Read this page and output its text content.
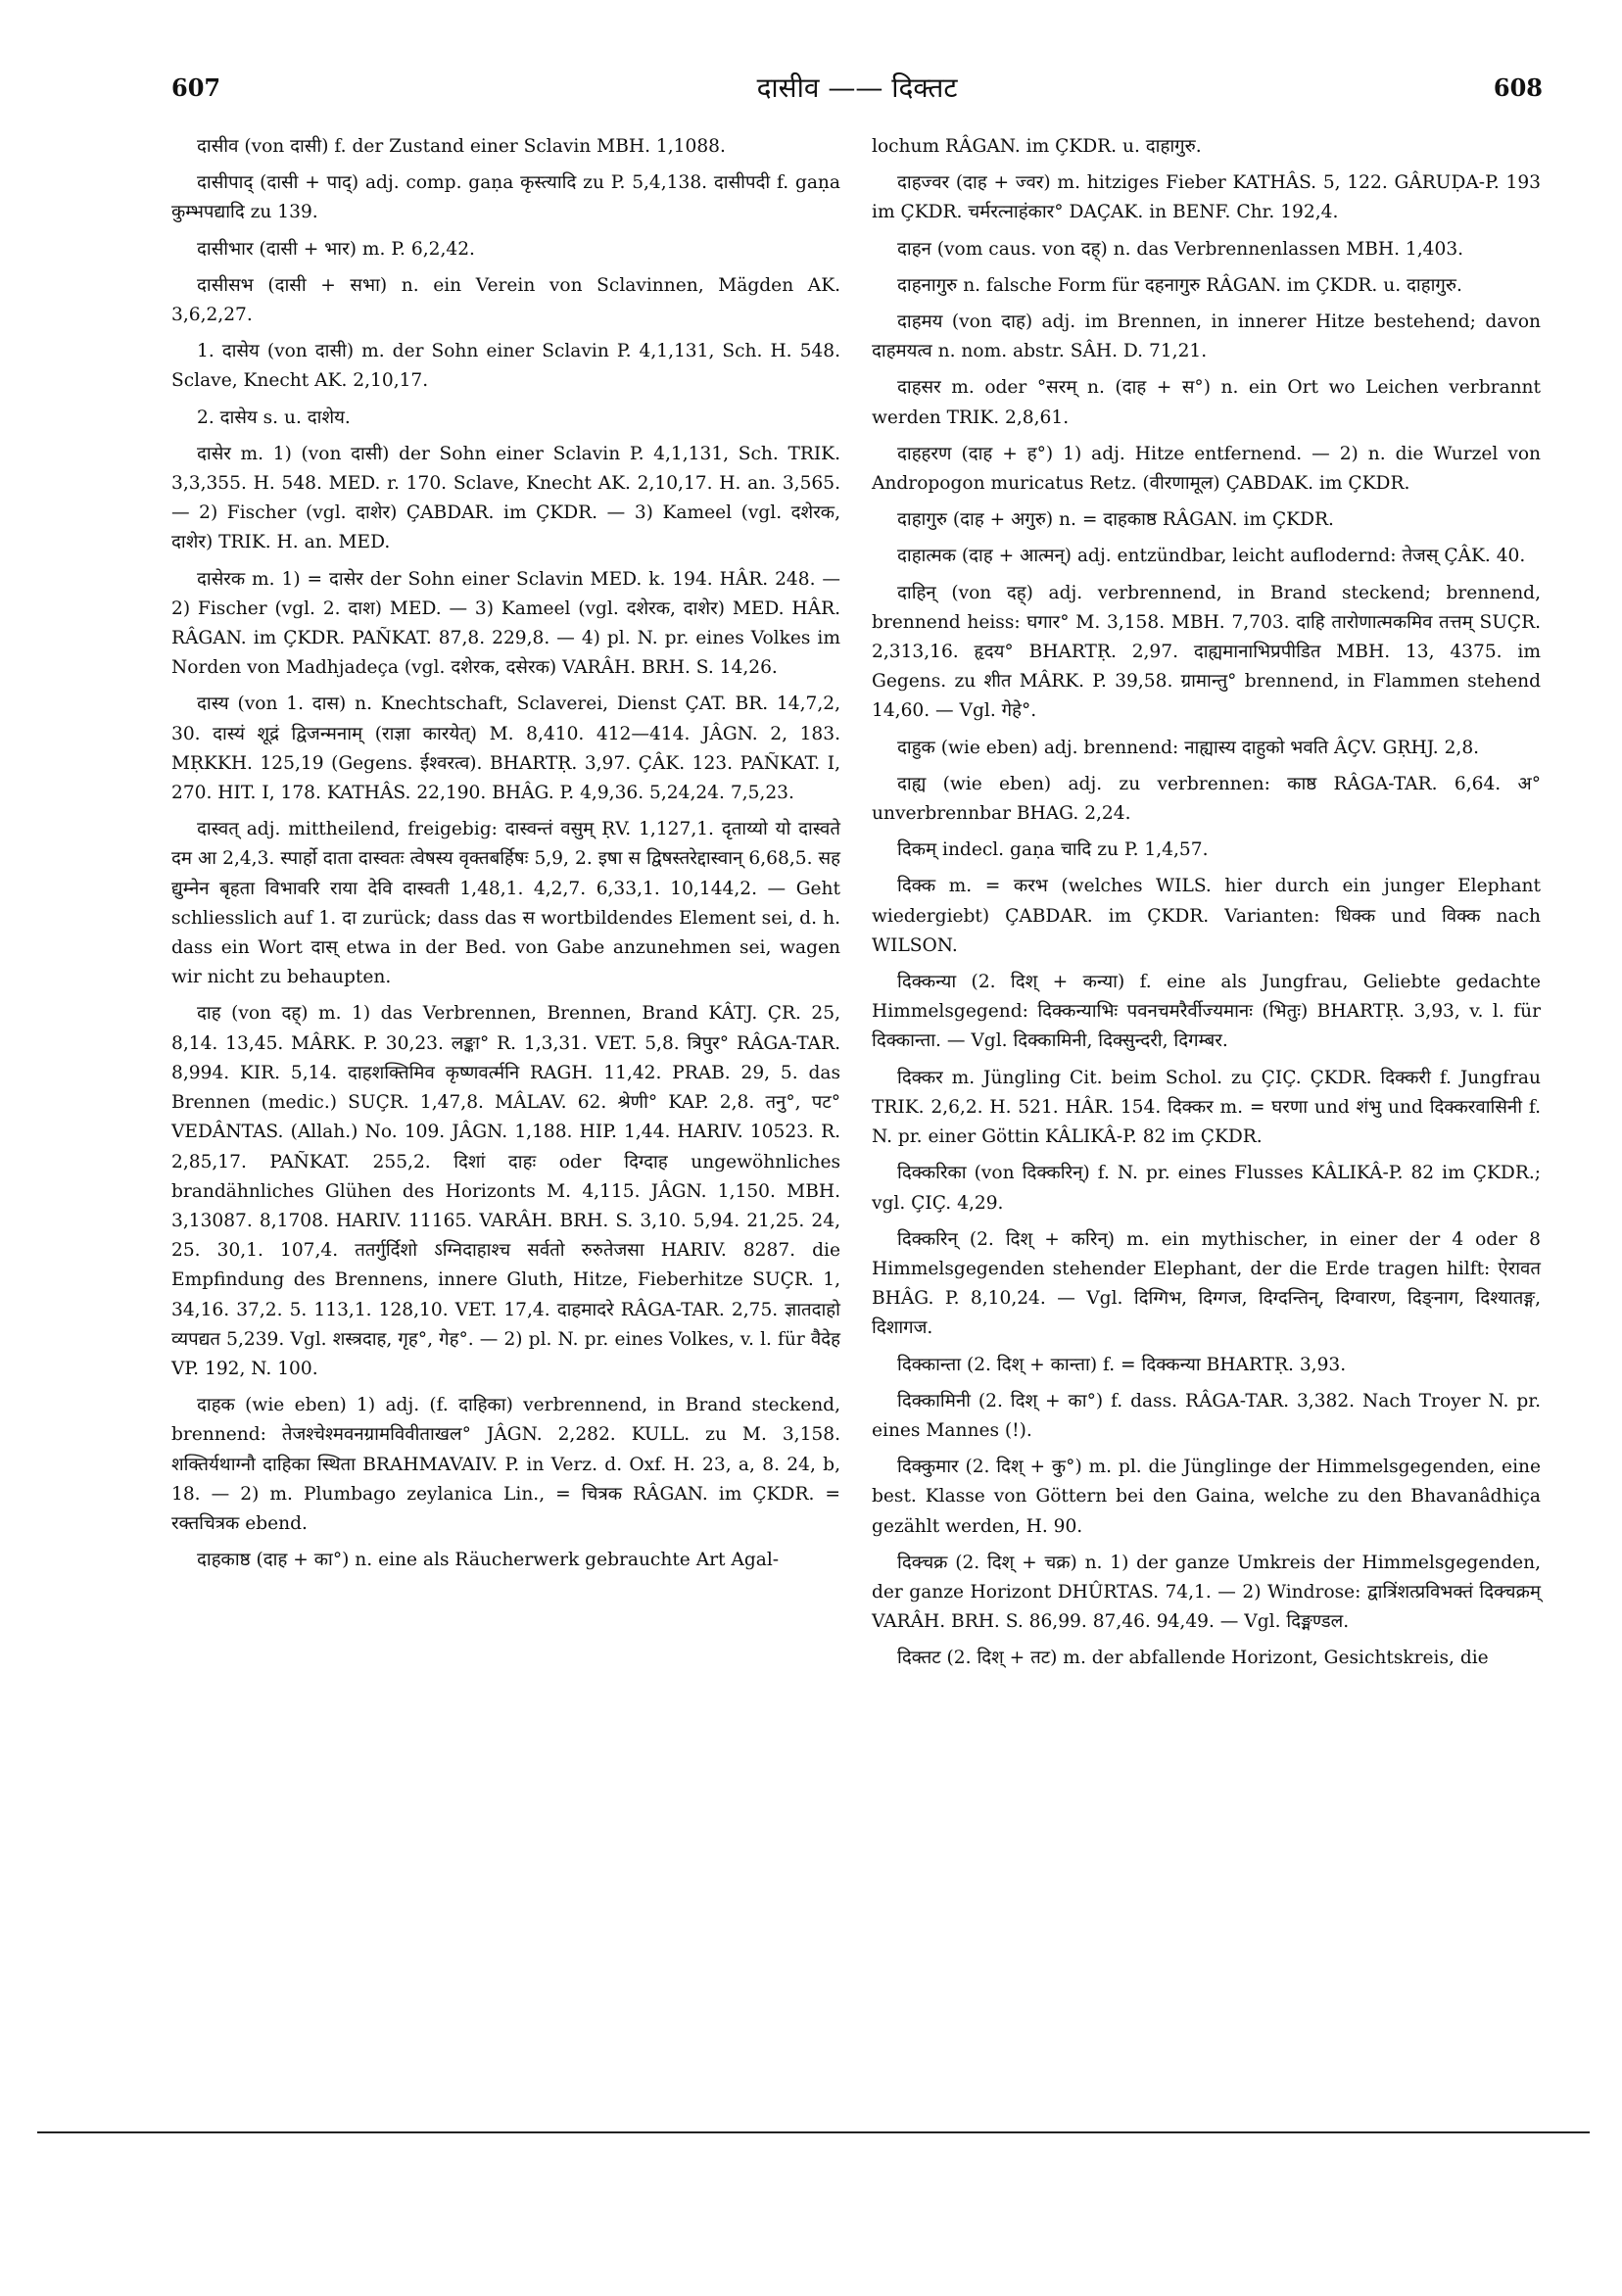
607	दासीव —— दिक्तट	608

दासीव (von दासी) f. der Zustand einer Sclavin MBH. 1,1088.

दासीपाद् (दासी + पाद्) adj. comp. gaṇa कृस्त्यादि zu P. 5,4,138. दासीपदी f. gaṇa कुम्भपद्यादि zu 139.

दासीभार (दासी + भार) m. P. 6,2,42.

दासीसभ (दासी + सभा) n. ein Verein von Sclavinnen, Mägden AK. 3,6,2,27.

1. दासेय (von दासी) m. der Sohn einer Sclavin P. 4,1,131, Sch. H. 548. Sclave, Knecht AK. 2,10,17.

2. दासेय s. u. दाशेय.

दासेर m. 1) (von दासी) der Sohn einer Sclavin P. 4,1,131, Sch. TRIK. 3,3,355. H. 548. MED. r. 170. Sclave, Knecht AK. 2,10,17. H. an. 3,565. — 2) Fischer (vgl. दाशेर) ÇABDAR. im ÇKDR. — 3) Kameel (vgl. दशेरक, दाशेर) TRIK. H. an. MED.

दासेरक m. 1) = दासेर der Sohn einer Sclavin MED. k. 194. HÂR. 248. — 2) Fischer (vgl. 2. दाश) MED. — 3) Kameel (vgl. दशेरक, दाशेर) MED. HÂR. RÂGAN. im ÇKDR. PAÑKAT. 87,8. 229,8. — 4) pl. N. pr. eines Volkes im Norden von Madhjadeça (vgl. दशेरक, दसेरक) VARÂH. BRH. S. 14,26.

दास्य (von 1. दास) n. Knechtschaft, Sclaverei, Dienst ÇAT. BR. 14,7,2, 30. दास्यं शूद्रं द्विजन्मनाम् (राज्ञा कारयेत्) M. 8,410. 412—414. JÂGN. 2, 183. MṚKKH. 125,19 (Gegens. ईश्वरत्व). BHARTṚ. 3,97. ÇÂK. 123. PAÑKAT. I, 270. HIT. I, 178. KATHÂS. 22,190. BHÂG. P. 4,9,36. 5,24,24. 7,5,23.

दास्वत् adj. mittheilend, freigebig: दास्वन्तं वसुम् ṚV. 1,127,1. दृताय्यो यो दास्वते दम आ 2,4,3. स्पार्हो दाता दास्वतः त्वेषस्य वृक्तबर्हिषः 5,9, 2. इषा स द्विषस्तरेद्दास्वान् 6,68,5. सह द्युम्नेन बृहता विभावरि राया देवि दास्वती 1,48,1. 4,2,7. 6,33,1. 10,144,2. — Geht schliesslich auf 1. दा zurück; dass das स wortbildendes Element sei, d. h. dass ein Wort दास् etwa in der Bed. von Gabe anzunehmen sei, wagen wir nicht zu behaupten.

दाह (von दह्) m. 1) das Verbrennen, Brennen, Brand KÂTJ. ÇR. 25, 8,14. 13,45. MÂRK. P. 30,23. लङ्का° R. 1,3,31. VET. 5,8. त्रिपुर° RÂGA-TAR. 8,994. KIR. 5,14. दाहशक्तिमिव कृष्णवर्त्मनि RAGH. 11,42. PRAB. 29, 5. das Brennen (medic.) SUÇR. 1,47,8. MÂLAV. 62. श्रेणी° KAP. 2,8. तनु°, पट° VEDÂNTAS. (Allah.) No. 109. JÂGN. 1,188. HIP. 1,44. HARIV. 10523. R. 2,85,17. PAÑKAT. 255,2. दिशां दाहः oder दिग्दाह ungewöhnliches brandähnliches Glühen des Horizonts M. 4,115. JÂGN. 1,150. MBH. 3,13087. 8,1708. HARIV. 11165. VARÂH. BRH. S. 3,10. 5,94. 21,25. 24, 25. 30,1. 107,4. ततर्गुर्दिशो ऽग्निदाहाश्च सर्वतो रुरुतेजसा HARIV. 8287. die Empfindung des Brennens, innere Gluth, Hitze, Fieberhitze SUÇR. 1, 34,16. 37,2. 5. 113,1. 128,10. VET. 17,4. दाहमादरे RÂGA-TAR. 2,75. ज्ञातदाहो व्यपद्यत 5,239. Vgl. शस्त्रदाह, गृह°, गेह°. — 2) pl. N. pr. eines Volkes, v. l. für वैदेह VP. 192, N. 100.

दाहक (wie eben) 1) adj. (f. दाहिका) verbrennend, in Brand steckend, brennend: तेजश्चेश्मवनग्रामविवीताखल° JÂGN. 2,282. KULL. zu M. 3,158. शक्तिर्यथाग्नौ दाहिका स्थिता BRAHMAVAIV. P. in Verz. d. Oxf. H. 23, a, 8. 24, b, 18. — 2) m. Plumbago zeylanica Lin., = चित्रक RÂGAN. im ÇKDR. = रक्तचित्रक ebend.

दाहकाष्ठ (दाह + का°) n. eine als Räucherwerk gebrauchte Art Agal-

lochum RÂGAN. im ÇKDR. u. दाहागुरु.

दाहज्वर (दाह + ज्वर) m. hitziges Fieber KATHÂS. 5, 122. GÂRUḌA-P. 193 im ÇKDR. चर्मरत्नाहंकार° DAÇAK. in BENF. Chr. 192,4.

दाहन (vom caus. von दह्) n. das Verbrennenlassen MBH. 1,403.

दाहनागुरु n. falsche Form für दहनागुरु RÂGAN. im ÇKDR. u. दाहागुरु.

दाहमय (von दाह) adj. im Brennen, in innerer Hitze bestehend; davon दाहमयत्व n. nom. abstr. SÂH. D. 71,21.

दाहसर m. oder °सरम् n. (दाह + स°) n. ein Ort wo Leichen verbrannt werden TRIK. 2,8,61.

दाहहरण (दाह + ह°) 1) adj. Hitze entfernend. — 2) n. die Wurzel von Andropogon muricatus Retz. (वीरणामूल) ÇABDAK. im ÇKDR.

दाहागुरु (दाह + अगुरु) n. = दाहकाष्ठ RÂGAN. im ÇKDR.

दाहात्मक (दाह + आत्मन्) adj. entzündbar, leicht auflodernd: तेजस् ÇÂK. 40.

दाहिन् (von दह्) adj. verbrennend, in Brand steckend; brennend, brennend heiss: घगार° M. 3,158. MBH. 7,703. दाहि तारोणात्मकमिव तत्तम् SUÇR. 2,313,16. हृदय° BHARTṚ. 2,97. दाह्यमानाभिप्रपीडित MBH. 13, 4375. im Gegens. zu शीत MÂRK. P. 39,58. ग्रामान्तु° brennend, in Flammen stehend 14,60. — Vgl. गेहे°.

दाहुक (wie eben) adj. brennend: नाह्यास्य दाहुको भवति ÂÇV. GṚHJ. 2,8.

दाह्य (wie eben) adj. zu verbrennen: काष्ठ RÂGA-TAR. 6,64. अ° unverbrennbar BHAG. 2,24.

दिकम् indecl. gaṇa चादि zu P. 1,4,57.

दिक्क m. = करभ (welches WILS. hier durch ein junger Elephant wiedergiebt) ÇABDAR. im ÇKDR. Varianten: धिक्क und विक्क nach WILSON.

दिक्कन्या (2. दिश् + कन्या) f. eine als Jungfrau, Geliebte gedachte Himmelsgegend: दिक्कन्याभिः पवनचमरैर्वीज्यमानः (भितुः) BHARTṚ. 3,93, v. l. für दिक्कान्ता. — Vgl. दिक्कामिनी, दिक्सुन्दरी, दिगम्बर.

दिक्कर m. Jüngling Cit. beim Schol. zu ÇIÇ. ÇKDR. दिक्करी f. Jungfrau TRIK. 2,6,2. H. 521. HÂR. 154. दिक्कर m. = घरणा und शंभु und दिक्करवासिनी f. N. pr. einer Göttin KÂLIKÂ-P. 82 im ÇKDR.

दिक्करिका (von दिक्करिन्) f. N. pr. eines Flusses KÂLIKÂ-P. 82 im ÇKDR.; vgl. ÇIÇ. 4,29.

दिक्करिन् (2. दिश् + करिन्) m. ein mythischer, in einer der 4 oder 8 Himmelsgegenden stehender Elephant, der die Erde tragen hilft: ऐरावत BHÂG. P. 8,10,24. — Vgl. दिग्गिभ, दिग्गज, दिग्दन्तिन्, दिग्वारण, दिङ्नाग, दिश्यातङ्ग, दिशागज.

दिक्कान्ता (2. दिश् + कान्ता) f. = दिक्कन्या BHARTṚ. 3,93.

दिक्कामिनी (2. दिश् + का°) f. dass. RÂGA-TAR. 3,382. Nach Troyer N. pr. eines Mannes (!).

दिक्कुमार (2. दिश् + कु°) m. pl. die Jünglinge der Himmelsgegenden, eine best. Klasse von Göttern bei den Gaina, welche zu den Bhavanâdhiça gezählt werden, H. 90.

दिक्चक्र (2. दिश् + चक्र) n. 1) der ganze Umkreis der Himmelsgegenden, der ganze Horizont DHÛRTAS. 74,1. — 2) Windrose: द्वात्रिंशत्प्रविभक्तं दिक्चक्रम् VARÂH. BRH. S. 86,99. 87,46. 94,49. — Vgl. दिङ्मण्डल.

दिक्तट (2. दिश् + तट) m. der abfallende Horizont, Gesichtskreis, die
